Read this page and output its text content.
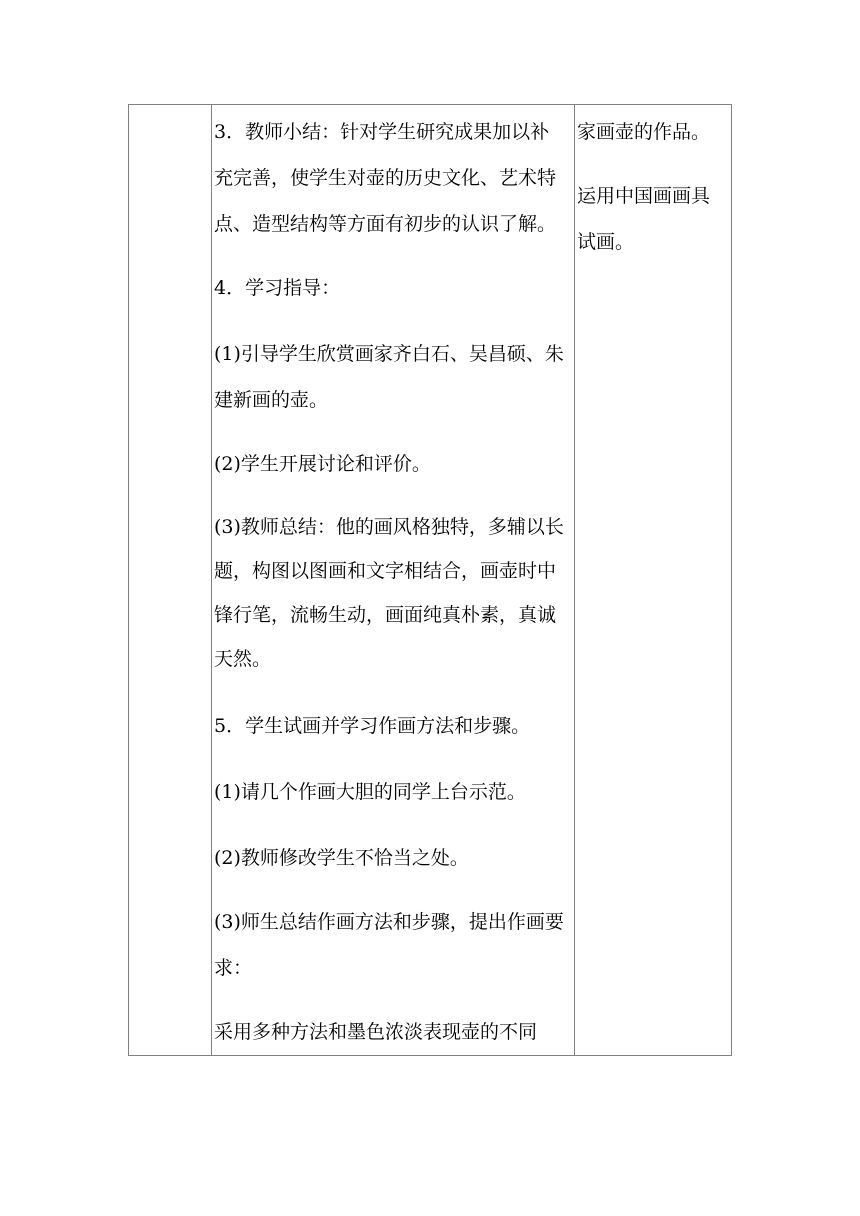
3．教师小结：针对学生研究成果加以补
充完善，使学生对壶的历史文化、艺术特
点、造型结构等方面有初步的认识了解。
4．学习指导：
(1)引导学生欣赏画家齐白石、吴昌硕、朱
建新画的壶。
(2)学生开展讨论和评价。
(3)教师总结：他的画风格独特，多辅以长
题，构图以图画和文字相结合，画壶时中
锋行笔，流畅生动，画面纯真朴素，真诚
天然。
5．学生试画并学习作画方法和步骤。
(1)请几个作画大胆的同学上台示范。
(2)教师修改学生不恰当之处。
(3)师生总结作画方法和步骤，提出作画要
求：
采用多种方法和墨色浓淡表现壶的不同
家画壶的作品。
运用中国画画具
试画。
